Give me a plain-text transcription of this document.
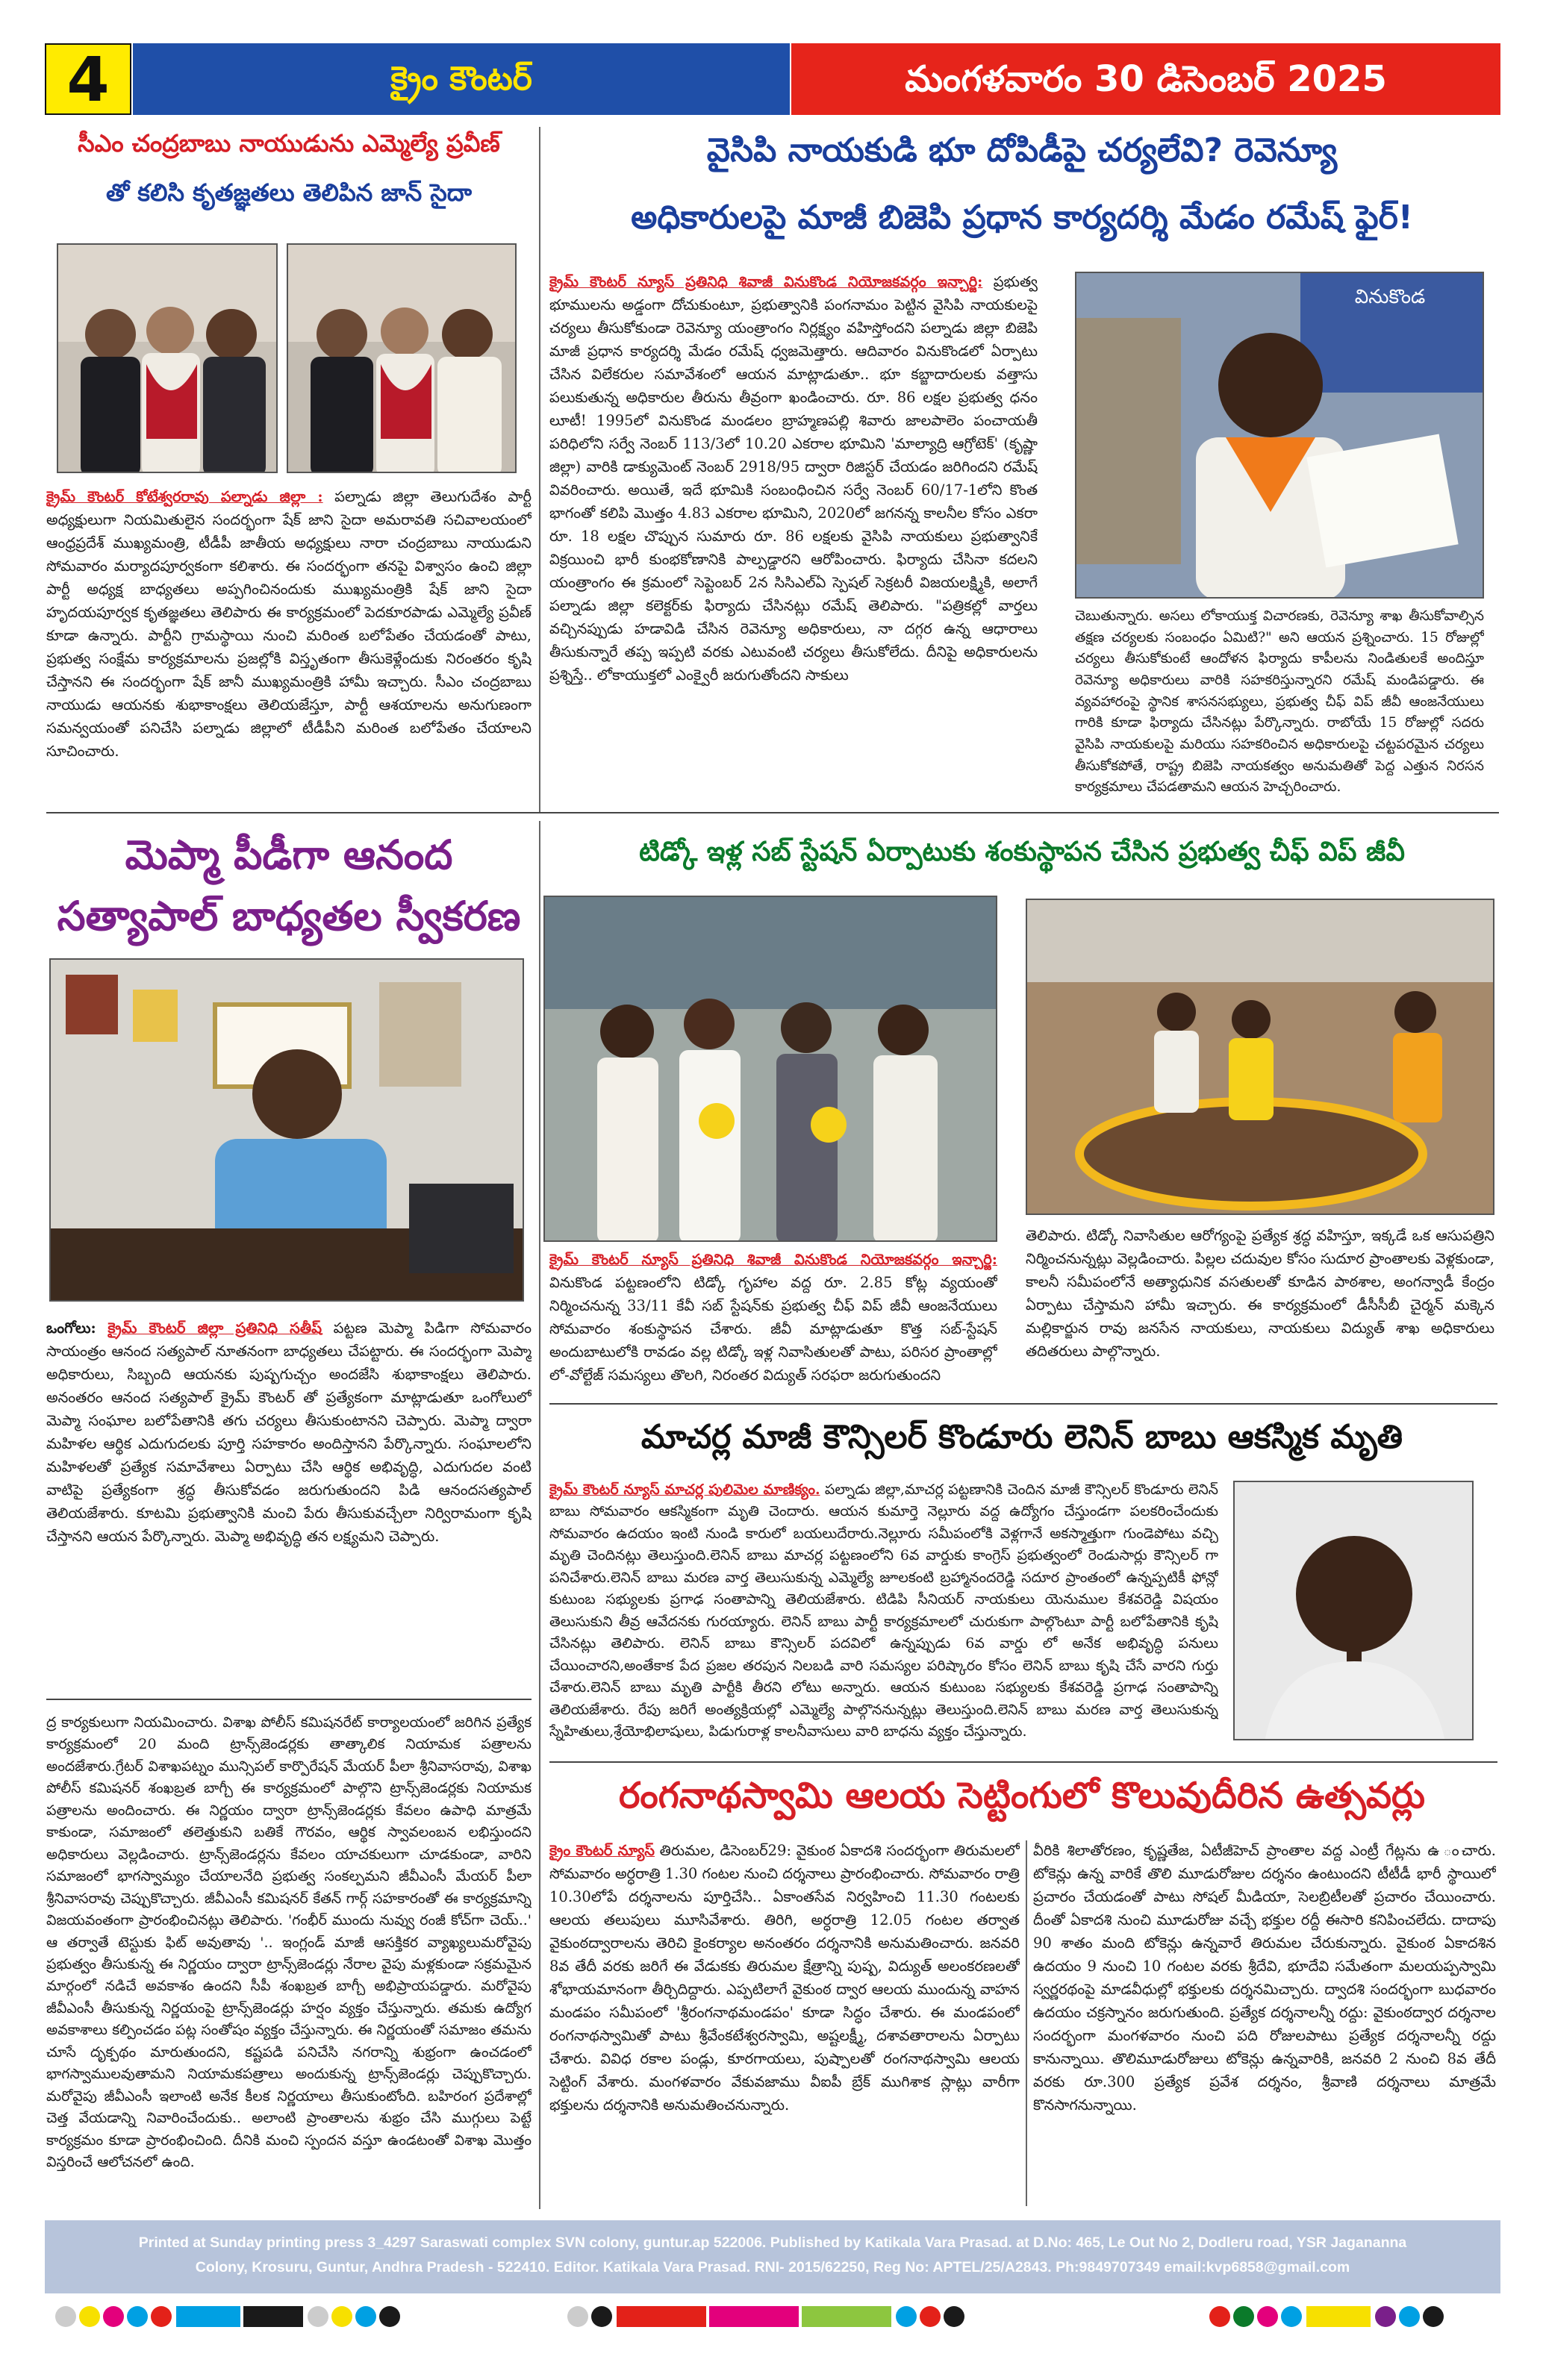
4	క్రైం కౌంటర్	మంగళవారం 30 డిసెంబర్ 2025
సీఎం చంద్రబాబు నాయుడును ఎమ్మెల్యే ప్రవీణ్
తో కలిసి కృతజ్ఞతలు తెలిపిన జాన్ సైదా
క్రైమ్ కౌంటర్ కోటేశ్వరరావు పల్నాడు జిల్లా : పల్నాడు జిల్లా తెలుగుదేశం పార్టీ అధ్యక్షులుగా నియమితులైన సందర్భంగా షేక్ జాని సైదా అమరావతి సచివాలయంలో ఆంధ్రప్రదేశ్ ముఖ్యమంత్రి, టీడీపీ జాతీయ అధ్యక్షులు నారా చంద్రబాబు నాయుడుని సోమవారం మర్యాదపూర్వకంగా కలిశారు. ఈ సందర్భంగా తనపై విశ్వాసం ఉంచి జిల్లా పార్టీ అధ్యక్ష బాధ్యతలు అప్పగించినందుకు ముఖ్యమంత్రికి షేక్ జాని సైదా హృదయపూర్వక కృతజ్ఞతలు తెలిపారు ఈ కార్యక్రమంలో పెదకూరపాడు ఎమ్మెల్యే ప్రవీణ్ కూడా ఉన్నారు. పార్టీని గ్రామస్థాయి నుంచి మరింత బలోపేతం చేయడంతో పాటు, ప్రభుత్వ సంక్షేమ కార్యక్రమాలను ప్రజల్లోకి విస్తృతంగా తీసుకెళ్లేందుకు నిరంతరం కృషి చేస్తానని ఈ సందర్భంగా షేక్ జానీ ముఖ్యమంత్రికి హామీ ఇచ్చారు. సీఎం చంద్రబాబు నాయుడు ఆయనకు శుభాకాంక్షలు తెలియజేస్తూ, పార్టీ ఆశయాలను అనుగుణంగా సమన్వయంతో పనిచేసి పల్నాడు జిల్లాలో టీడీపీని మరింత బలోపేతం చేయాలని సూచించారు.
వైసిపి నాయకుడి భూ దోపిడీపై చర్యలేవి? రెవెన్యూ
అధికారులపై మాజీ బిజెపి ప్రధాన కార్యదర్శి మేడం రమేష్ ఫైర్!
క్రైమ్ కౌంటర్ న్యూస్ ప్రతినిధి శివాజీ వినుకొండ నియోజకవర్గం ఇన్చార్జి: ప్రభుత్వ భూములను అడ్డంగా దోచుకుంటూ, ప్రభుత్వానికి పంగనామం పెట్టిన వైసిపి నాయకులపై చర్యలు తీసుకోకుండా రెవెన్యూ యంత్రాంగం నిర్లక్ష్యం వహిస్తోందని పల్నాడు జిల్లా బిజెపి మాజీ ప్రధాన కార్యదర్శి మేడం రమేష్ ధ్వజమెత్తారు. ఆదివారం వినుకొండలో ఏర్పాటు చేసిన విలేకరుల సమావేశంలో ఆయన మాట్లాడుతూ.. భూ కబ్జాదారులకు వత్తాసు పలుకుతున్న అధికారుల తీరును తీవ్రంగా ఖండించారు. రూ. 86 లక్షల ప్రభుత్వ ధనం లూటీ! 1995లో వినుకొండ మండలం బ్రాహ్మణపల్లి శివారు జాలపాలెం పంచాయతీ పరిధిలోని సర్వే నెంబర్ 113/3లో 10.20 ఎకరాల భూమిని 'మాల్యాద్రి ఆగ్రోటెక్' (కృష్ణా జిల్లా) వారికి డాక్యుమెంట్ నెంబర్ 2918/95 ద్వారా రిజిస్టర్ చేయడం జరిగిందని రమేష్ వివరించారు. అయితే, ఇదే భూమికి సంబంధించిన సర్వే నెంబర్ 60/17-1లోని కొంత భాగంతో కలిపి మొత్తం 4.83 ఎకరాల భూమిని, 2020లో జగనన్న కాలనీల కోసం ఎకరా రూ. 18 లక్షల చొప్పున సుమారు రూ. 86 లక్షలకు వైసిపి నాయకులు ప్రభుత్వానికే విక్రయించి భారీ కుంభకోణానికి పాల్పడ్డారని ఆరోపించారు. ఫిర్యాదు చేసినా కదలని యంత్రాంగం ఈ క్రమంలో సెప్టెంబర్ 2న సిసిఎల్ఏ స్పెషల్ సెక్రటరీ విజయలక్ష్మికి, అలాగే పల్నాడు జిల్లా కలెక్టర్‌కు ఫిర్యాదు చేసినట్లు రమేష్ తెలిపారు. "పత్రికల్లో వార్తలు వచ్చినప్పుడు హడావిడి చేసిన రెవెన్యూ అధికారులు, నా దగ్గర ఉన్న ఆధారాలు తీసుకున్నారే తప్ప ఇప్పటి వరకు ఎటువంటి చర్యలు తీసుకోలేదు. దీనిపై అధికారులను ప్రశ్నిస్తే.. లోకాయుక్తలో ఎంక్వైరీ జరుగుతోందని సాకులు
వినుకొండ
చెబుతున్నారు. అసలు లోకాయుక్త విచారణకు, రెవెన్యూ శాఖ తీసుకోవాల్సిన తక్షణ చర్యలకు సంబంధం ఏమిటి?" అని ఆయన ప్రశ్నించారు. 15 రోజుల్లో చర్యలు తీసుకోకుంటే ఆందోళన ఫిర్యాదు కాపీలను నిండితులకే అందిస్తూ రెవెన్యూ అధికారులు వారికి సహకరిస్తున్నారని రమేష్ మండిపడ్డారు. ఈ వ్యవహారంపై స్థానిక శాసనసభ్యులు, ప్రభుత్వ చీఫ్ విప్ జీవీ ఆంజనేయులు గారికి కూడా ఫిర్యాదు చేసినట్లు పేర్కొన్నారు. రాబోయే 15 రోజుల్లో సదరు వైసిపి నాయకులపై మరియు సహకరించిన అధికారులపై చట్టపరమైన చర్యలు తీసుకోకపోతే, రాష్ట్ర బిజెపి నాయకత్వం అనుమతితో పెద్ద ఎత్తున నిరసన కార్యక్రమాలు చేపడతామని ఆయన హెచ్చరించారు.
మెప్మా పీడీగా ఆనంద
సత్యాపాల్ బాధ్యతల స్వీకరణ
ఒంగోలు: క్రైమ్ కౌంటర్ జిల్లా ప్రతినిధి సతీష్ పట్టణ మెప్మా పిడిగా సోమవారం సాయంత్రం ఆనంద సత్యపాల్ నూతనంగా బాధ్యతలు చేపట్టారు. ఈ సందర్భంగా మెప్మా అధికారులు, సిబ్బంది ఆయనకు పుష్పగుచ్చం అందజేసి శుభాకాంక్షలు తెలిపారు. అనంతరం ఆనంద సత్యపాల్ క్రైమ్ కౌంటర్ తో ప్రత్యేకంగా మాట్లాడుతూ ఒంగోలులో మెప్మా సంఘాల బలోపేతానికి తగు చర్యలు తీసుకుంటానని చెప్పారు. మెప్మా ద్వారా మహిళల ఆర్థిక ఎదుగుదలకు పూర్తి సహకారం అందిస్తానని పేర్కొన్నారు. సంఘాలలోని మహిళలతో ప్రత్యేక సమావేశాలు ఏర్పాటు చేసి ఆర్థిక అభివృద్ధి, ఎదుగుదల వంటి వాటిపై ప్రత్యేకంగా శ్రద్ధ తీసుకోవడం జరుగుతుందని పిడి ఆనందసత్యపాల్ తెలియజేశారు. కూటమి ప్రభుత్వానికి మంచి పేరు తీసుకువచ్చేలా నిర్విరామంగా కృషి చేస్తానని ఆయన పేర్కొన్నారు. మెప్మా అభివృద్ధి తన లక్ష్యమని చెప్పారు.
ద్ర కార్యకులుగా నియమించారు. విశాఖ పోలీస్ కమిషనరేట్ కార్యాలయంలో జరిగిన ప్రత్యేక కార్యక్రమంలో 20 మంది ట్రాన్స్‌జెండర్లకు తాత్కాలిక నియామక పత్రాలను అందజేశారు.గ్రేటర్ విశాఖపట్నం మున్సిపల్ కార్పొరేషన్ మేయర్ పీలా శ్రీనివాసరావు, విశాఖ పోలీస్ కమిషనర్ శంఖబ్రత బాగ్చీ ఈ కార్యక్రమంలో పాల్గొని ట్రాన్స్‌జెండర్లకు నియామక పత్రాలను అందించారు. ఈ నిర్ణయం ద్వారా ట్రాన్స్‌జెండర్లకు కేవలం ఉపాధి మాత్రమే కాకుండా, సమాజంలో తలెత్తుకుని బతికే గౌరవం, ఆర్థిక స్వావలంబన లభిస్తుందని అధికారులు వెల్లడించారు. ట్రాన్స్‌జెండర్లను కేవలం యాచకులుగా చూడకుండా, వారిని సమాజంలో భాగస్వామ్యం చేయాలనేది ప్రభుత్వ సంకల్పమని జీవీఎంసీ మేయర్ పీలా శ్రీనివాసరావు చెప్పుకొచ్చారు. జీవీఎంసీ కమిషనర్ కేతన్ గార్గ్ సహకారంతో ఈ కార్యక్రమాన్ని విజయవంతంగా ప్రారంభించినట్లు తెలిపారు. 'గంభీర్ ముందు నువ్వు రంజీ కోచ్‌గా చెయ్..' ఆ తర్వాతే టెస్టుకు ఫిట్ అవుతావు '.. ఇంగ్లండ్ మాజీ ఆసక్తికర వ్యాఖ్యలుమరోవైపు ప్రభుత్వం తీసుకున్న ఈ నిర్ణయం ద్వారా ట్రాన్స్‌జెండర్లు నేరాల వైపు మళ్లకుండా సక్రమమైన మార్గంలో నడిచే అవకాశం ఉందని సీపీ శంఖబ్రత బాగ్చీ అభిప్రాయపడ్డారు. మరోవైపు జీవీఎంసీ తీసుకున్న నిర్ణయంపై ట్రాన్స్‌జెండర్లు హర్షం వ్యక్తం చేస్తున్నారు. తమకు ఉద్యోగ అవకాశాలు కల్పించడం పట్ల సంతోషం వ్యక్తం చేస్తున్నారు. ఈ నిర్ణయంతో సమాజం తమను చూసే దృక్పథం మారుతుందని, కష్టపడి పనిచేసి నగరాన్ని శుభ్రంగా ఉంచడంలో భాగస్వాములవుతామని నియామకపత్రాలు అందుకున్న ట్రాన్స్‌జెండర్లు చెప్పుకొచ్చారు. మరోవైపు జీవీఎంసీ ఇలాంటి అనేక కీలక నిర్ణయాలు తీసుకుంటోంది. బహిరంగ ప్రదేశాల్లో చెత్త వేయడాన్ని నివారించేందుకు.. అలాంటి ప్రాంతాలను శుభ్రం చేసి ముగ్గులు పెట్టే కార్యక్రమం కూడా ప్రారంభించింది. దీనికి మంచి స్పందన వస్తూ ఉండటంతో విశాఖ మొత్తం విస్తరించే ఆలోచనలో ఉంది.
టిడ్కో ఇళ్ల సబ్ స్టేషన్ ఏర్పాటుకు శంకుస్థాపన చేసిన ప్రభుత్వ చీఫ్ విప్ జీవీ
క్రైమ్ కౌంటర్ న్యూస్ ప్రతినిధి శివాజీ వినుకొండ నియోజకవర్గం ఇన్చార్జి: వినుకొండ పట్టణంలోని టిడ్కో గృహాల వద్ద రూ. 2.85 కోట్ల వ్యయంతో నిర్మించనున్న 33/11 కేవీ సబ్ స్టేషన్‌కు ప్రభుత్వ చీఫ్ విప్ జీవీ ఆంజనేయులు సోమవారం శంకుస్థాపన చేశారు. జీవీ మాట్లాడుతూ కొత్త సబ్-స్టేషన్ అందుబాటులోకి రావడం వల్ల టిడ్కో ఇళ్ల నివాసితులతో పాటు, పరిసర ప్రాంతాల్లో లో-వోల్టేజ్ సమస్యలు తొలగి, నిరంతర విద్యుత్ సరఫరా జరుగుతుందని
తెలిపారు. టిడ్కో నివాసితుల ఆరోగ్యంపై ప్రత్యేక శ్రద్ధ వహిస్తూ, ఇక్కడే ఒక ఆసుపత్రిని నిర్మించనున్నట్లు వెల్లడించారు. పిల్లల చదువుల కోసం సుదూర ప్రాంతాలకు వెళ్లకుండా, కాలనీ సమీపంలోనే అత్యాధునిక వసతులతో కూడిన పాఠశాల, అంగన్వాడీ కేంద్రం ఏర్పాటు చేస్తామని హామీ ఇచ్చారు. ఈ కార్యక్రమంలో డీసీసీబీ చైర్మన్ మక్కెన మల్లికార్జున రావు జనసేన నాయకులు, నాయకులు విద్యుత్ శాఖ అధికారులు తదితరులు పాల్గొన్నారు.
మాచర్ల మాజీ కౌన్సిలర్ కొండూరు లెనిన్ బాబు ఆకస్మిక మృతి
క్రైమ్ కౌంటర్ న్యూస్ మాచర్ల పులిమెల మాణిక్యం. పల్నాడు జిల్లా,మాచర్ల పట్టణానికి చెందిన మాజీ కౌన్సిలర్ కొండూరు లెనిన్ బాబు సోమవారం ఆకస్మికంగా మృతి చెందారు. ఆయన కుమార్తె నెల్లూరు వద్ద ఉద్యోగం చేస్తుండగా పలకరించేందుకు సోమవారం ఉదయం ఇంటి నుండి కారులో బయలుదేరారు.నెల్లూరు సమీపంలోకి వెళ్లగానే అకస్మాత్తుగా గుండెపోటు వచ్చి మృతి చెందినట్లు తెలుస్తుంది.లెనిన్ బాబు మాచర్ల పట్టణంలోని 6వ వార్డుకు కాంగ్రెస్ ప్రభుత్వంలో రెండుసార్లు కౌన్సిలర్ గా పనిచేశారు.లెనిన్ బాబు మరణ వార్త తెలుసుకున్న ఎమ్మెల్యే జూలకంటి బ్రహ్మానందరెడ్డి సదూర ప్రాంతంలో ఉన్నప్పటికీ ఫోన్లో కుటుంబ సభ్యులకు ప్రగాఢ సంతాపాన్ని తెలియజేశారు. టిడిపి సీనియర్ నాయకులు యెనుముల కేశవరెడ్డి విషయం తెలుసుకుని తీవ్ర ఆవేదనకు గురయ్యారు. లెనిన్ బాబు పార్టీ కార్యక్రమాలలో చురుకుగా పాల్గొంటూ పార్టీ బలోపేతానికి కృషి చేసినట్లు తెలిపారు. లెనిన్ బాబు కౌన్సిలర్ పదవిలో ఉన్నప్పుడు 6వ వార్డు లో అనేక అభివృద్ధి పనులు చేయించారని,అంతేకాక పేద ప్రజల తరపున నిలబడి వారి సమస్యల పరిష్కారం కోసం లెనిన్ బాబు కృషి చేసే వారని గుర్తు చేశారు.లెనిన్ బాబు మృతి పార్టీకి తీరని లోటు అన్నారు. ఆయన కుటుంబ సభ్యులకు కేశవరెడ్డి ప్రగాఢ సంతాపాన్ని తెలియజేశారు. రేపు జరిగే అంత్యక్రియల్లో ఎమ్మెల్యే పాల్గొననున్నట్లు తెలుస్తుంది.లెనిన్ బాబు మరణ వార్త తెలుసుకున్న స్నేహితులు,శ్రేయోభిలాషులు, పిడుగురాళ్ల కాలనీవాసులు వారి బాధను వ్యక్తం చేస్తున్నారు.
రంగనాథస్వామి ఆలయ సెట్టింగులో కొలువుదీరిన ఉత్సవర్లు
క్రైం కౌంటర్ న్యూస్ తిరుమల, డిసెంబర్29: వైకుంఠ ఏకాదశి సందర్భంగా తిరుమలలో సోమవారం అర్ధరాత్రి 1.30 గంటల నుంచి దర్శనాలు ప్రారంభించారు. సోమవారం రాత్రి 10.30లోపే దర్శనాలను పూర్తిచేసి.. ఏకాంతసేవ నిర్వహించి 11.30 గంటలకు ఆలయ తలుపులు మూసివేశారు. తిరిగి, అర్ధరాత్రి 12.05 గంటల తర్వాత వైకుంఠద్వారాలను తెరిచి కైంకర్యాల అనంతరం దర్శనానికి అనుమతించారు. జనవరి 8వ తేదీ వరకు జరిగే ఈ వేడుకకు తిరుమల క్షేత్రాన్ని పుష్ప, విద్యుత్ అలంకరణలతో శోభాయమానంగా తీర్చిదిద్దారు. ఎప్పటిలాగే వైకుంఠ ద్వార ఆలయ ముందున్న వాహన మండపం సమీపంలో 'శ్రీరంగనాథమండపం' కూడా సిద్ధం చేశారు. ఈ మండపంలో రంగనాథస్వామితో పాటు శ్రీవేంకటేశ్వరస్వామి, అష్టలక్ష్మీ, దశావతారాలను ఏర్పాటు చేశారు. వివిధ రకాల పండ్లు, కూరగాయలు, పుష్పాలతో రంగనాథస్వామి ఆలయ సెట్టింగ్ వేశారు. మంగళవారం వేకువజాము వీఐపీ బ్రేక్ ముగిశాక స్లాట్లు వారీగా భక్తులను దర్శనానికి అనుమతించనున్నారు.
వీరికి శిలాతోరణం, కృష్ణతేజ, ఏటీజీహెచ్ ప్రాంతాల వద్ద ఎంట్రీ గేట్లను ఉ ంచారు. టోకెన్లు ఉన్న వారికే తొలి మూడురోజుల దర్శనం ఉంటుందని టీటీడీ భారీ స్థాయిలో ప్రచారం చేయడంతో పాటు సోషల్ మీడియా, సెలబ్రిటీలతో ప్రచారం చేయించారు. దీంతో ఏకాదశి నుంచి మూడురోజు వచ్చే భక్తుల రద్దీ ఈసారి కనిపించలేదు. దాదాపు 90 శాతం మంది టోకెన్లు ఉన్నవారే తిరుమల చేరుకున్నారు. వైకుంఠ ఏకాదశిన ఉదయం 9 నుంచి 10 గంటల వరకు శ్రీదేవి, భూదేవి సమేతంగా మలయప్పస్వామి స్వర్ణరథంపై మాడవీధుల్లో భక్తులకు దర్శనమిచ్చారు. ద్వాదశి సందర్భంగా బుధవారం ఉదయం చక్రస్నానం జరుగుతుంది. ప్రత్యేక దర్శనాలన్నీ రద్దు: వైకుంఠద్వార దర్శనాల సందర్భంగా మంగళవారం నుంచి పది రోజులపాటు ప్రత్యేక దర్శనాలన్నీ రద్దు కానున్నాయి. తొలిమూడురోజులు టోకెన్లు ఉన్నవారికి, జనవరి 2 నుంచి 8వ తేదీ వరకు రూ.300 ప్రత్యేక ప్రవేశ దర్శనం, శ్రీవాణి దర్శనాలు మాత్రమే కొనసాగనున్నాయి.
Printed at Sunday printing press 3_4297 Saraswati complex SVN colony, guntur.ap 522006. Published by Katikala Vara Prasad. at D.No: 465, Le Out No 2, Dodleru road, YSR Jagananna
Colony, Krosuru, Guntur, Andhra Pradesh - 522410. Editor. Katikala Vara Prasad. RNI- 2015/62250, Reg No: APTEL/25/A2843. Ph:9849707349 email:kvp6858@gmail.com
